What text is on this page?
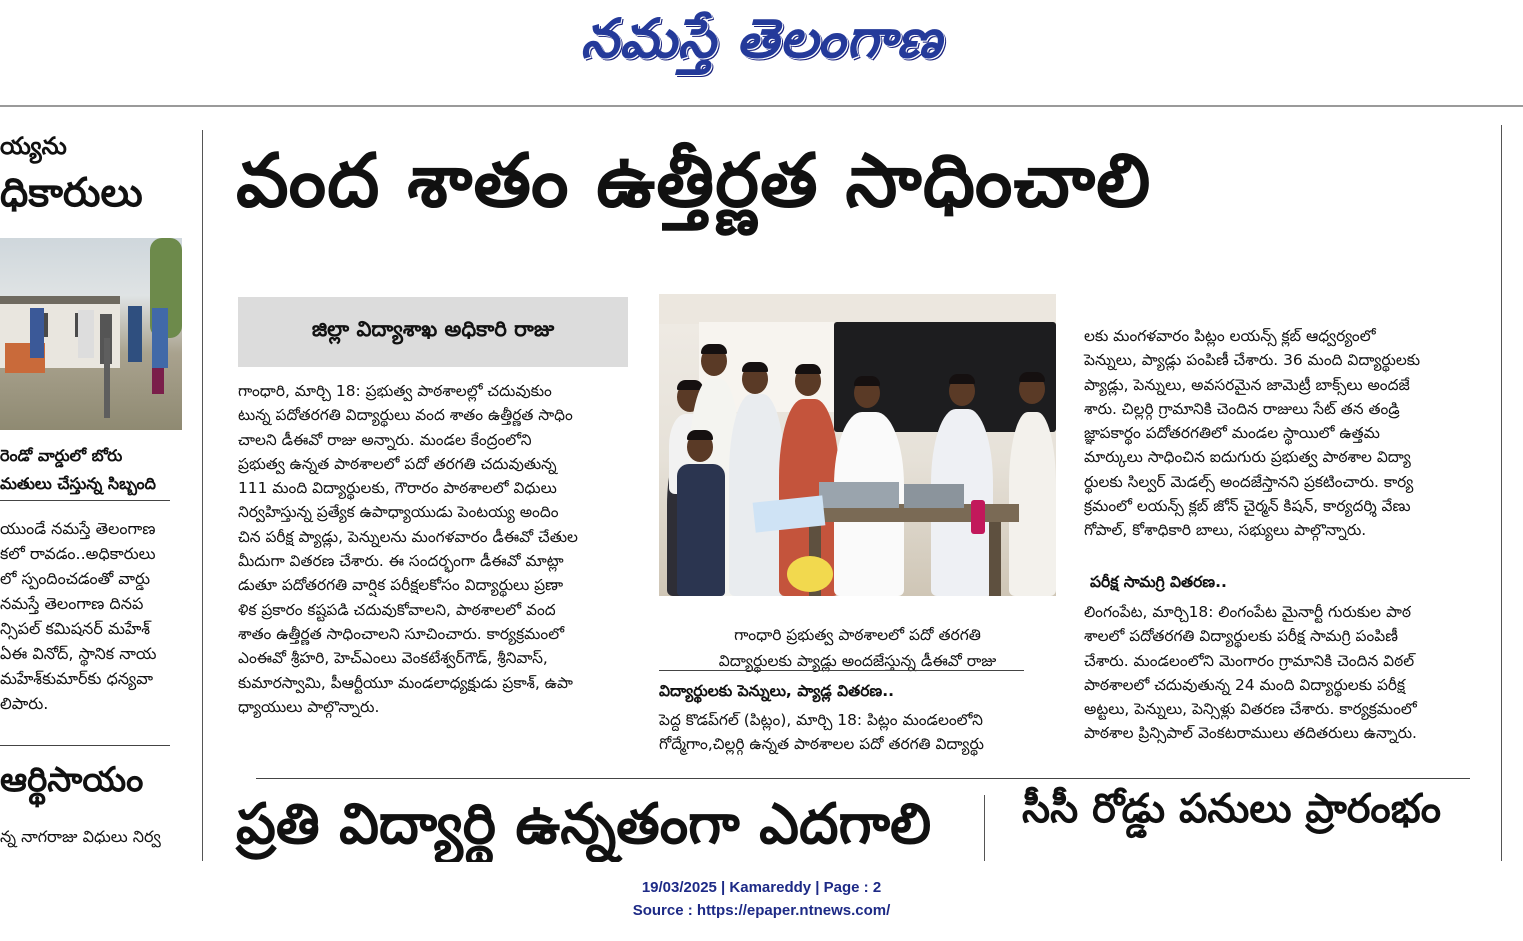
నమస్తే తెలంగాణ
య్యను
ధికారులు
రెండో వార్డులో బోరు
మతులు చేస్తున్న సిబ్బంది
యుండే నమస్తే తెలంగాణ
కలో రావడం..అధికారులు
లో స్పందించడంతో వార్డు
నమస్తే తెలంగాణ దినప
న్సిపల్ కమిషనర్ మహేశ్
ఏఈ వినోద్, స్థానిక నాయ
మహేశ్‌కుమార్‌కు ధన్యవా
లిపారు.
ఆర్థిసాయం
న్న నాగరాజు విధులు నిర్వ
వంద శాతం ఉత్తీర్ణత సాధించాలి
జిల్లా విద్యాశాఖ అధికారి రాజు
గాంధారి, మార్చి 18: ప్రభుత్వ పాఠశాలల్లో చదువుకుం
టున్న పదోతరగతి విద్యార్థులు వంద శాతం ఉత్తీర్ణత సాధిం
చాలని డీఈవో రాజు అన్నారు. మండల కేంద్రంలోని
ప్రభుత్వ ఉన్నత పాఠశాలలో పదో తరగతి చదువుతున్న
111 మంది విద్యార్థులకు, గౌరారం పాఠశాలలో విధులు
నిర్వహిస్తున్న ప్రత్యేక ఉపాధ్యాయుడు పెంటయ్య అందిం
చిన పరీక్ష ప్యాడ్లు, పెన్నులను మంగళవారం డీఈవో చేతుల
మీదుగా వితరణ చేశారు. ఈ సందర్భంగా డీఈవో మాట్లా
డుతూ పదోతరగతి వార్షిక పరీక్షలకోసం విద్యార్థులు ప్రణా
ళిక ప్రకారం కష్టపడి చదువుకోవాలని, పాఠశాలలో వంద
శాతం ఉత్తీర్ణత సాధించాలని సూచించారు. కార్యక్రమంలో
ఎంఈవో శ్రీహరి, హెచ్ఎంలు వెంకటేశ్వర్‌గౌడ్, శ్రీనివాస్,
కుమారస్వామి, పీఆర్టీయూ మండలాధ్యక్షుడు ప్రకాశ్, ఉపా
ధ్యాయులు పాల్గొన్నారు.
గాంధారి ప్రభుత్వ పాఠశాలలో పదో తరగతి
విద్యార్థులకు ప్యాడ్లు అందజేస్తున్న డీఈవో రాజు
విద్యార్థులకు పెన్నులు, ప్యాడ్ల వితరణ..
పెద్ద కొడప్‌గల్ (పిట్లం), మార్చి 18: పిట్లం మండలంలోని
గోద్మేగాం,చిల్లర్గి ఉన్నత పాఠశాలల పదో తరగతి విద్యార్థు
లకు మంగళవారం పిట్లం లయన్స్ క్లబ్ ఆధ్వర్యంలో
పెన్నులు, ప్యాడ్లు పంపిణీ చేశారు. 36 మంది విద్యార్థులకు
ప్యాడ్లు, పెన్నులు, అవసరమైన జామెట్రీ బాక్స్‌లు అందజే
శారు. చిల్లర్గి గ్రామానికి చెందిన రాజులు సేట్ తన తండ్రి
జ్ఞాపకార్థం పదోతరగతిలో మండల స్థాయిలో ఉత్తమ
మార్కులు సాధించిన ఐదుగురు ప్రభుత్వ పాఠశాల విద్యా
ర్థులకు సిల్వర్ మెడల్స్ అందజేస్తానని ప్రకటించారు. కార్య
క్రమంలో లయన్స్ క్లబ్ జోన్ చైర్మన్ కిషన్, కార్యదర్శి వేణు
గోపాల్, కోశాధికారి బాలు, సభ్యులు పాల్గొన్నారు.
పరీక్ష సామగ్రి వితరణ..
లింగంపేట, మార్చి18: లింగంపేట మైనార్టీ గురుకుల పాఠ
శాలలో పదోతరగతి విద్యార్థులకు పరీక్ష సామగ్రి పంపిణీ
చేశారు. మండలంలోని మెంగారం గ్రామానికి చెందిన విఠల్
పాఠశాలలో చదువుతున్న 24 మంది విద్యార్థులకు పరీక్ష
అట్టలు, పెన్నులు, పెన్సిళ్లు వితరణ చేశారు. కార్యక్రమంలో
పాఠశాల ప్రిన్సిపాల్ వెంకటరాములు తదితరులు ఉన్నారు.
ప్రతి విద్యార్థి ఉన్నతంగా ఎదగాలి సీసీ రోడ్డు పనులు ప్రారంభం
19/03/2025 | Kamareddy | Page : 2
Source : https://epaper.ntnews.com/
